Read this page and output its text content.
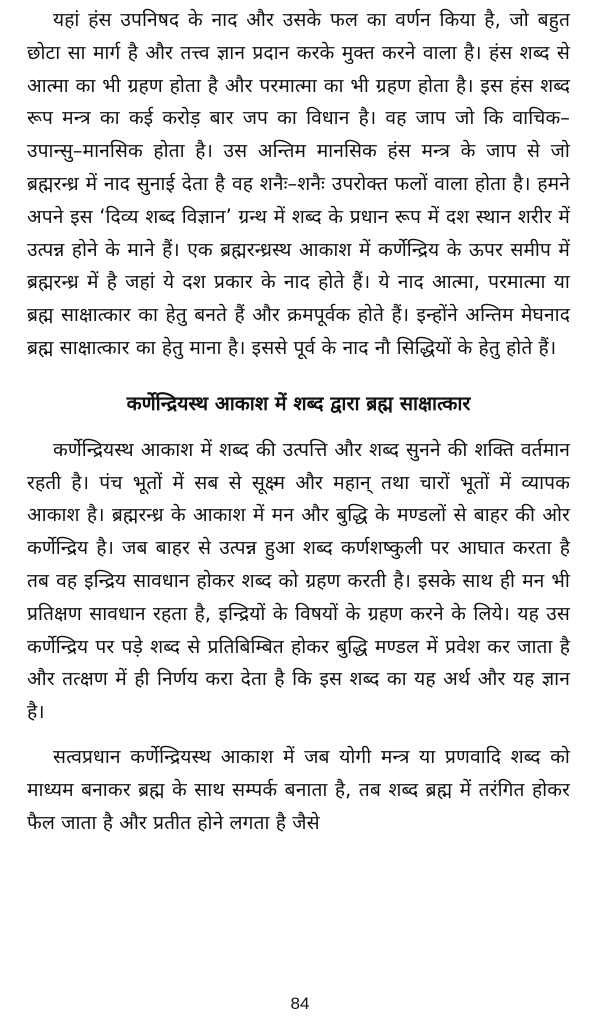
यहां हंस उपनिषद के नाद और उसके फल का वर्णन किया है, जो बहुत छोटा सा मार्ग है और तत्त्व ज्ञान प्रदान करके मुक्त करने वाला है। हंस शब्द से आत्मा का भी ग्रहण होता है और परमात्मा का भी ग्रहण होता है। इस हंस शब्द रूप मन्त्र का कई करोड़ बार जप का विधान है। वह जाप जो कि वाचिक–उपान्सु–मानसिक होता है। उस अन्तिम मानसिक हंस मन्त्र के जाप से जो ब्रह्मरन्ध्र में नाद सुनाई देता है वह शनैः–शनैः उपरोक्त फलों वाला होता है। हमने अपने इस ‘दिव्य शब्द विज्ञान’ ग्रन्थ में शब्द के प्रधान रूप में दश स्थान शरीर में उत्पन्न होने के माने हैं। एक ब्रह्मरन्ध्रस्थ आकाश में कर्णेन्द्रिय के ऊपर समीप में ब्रह्मरन्ध्र में है जहां ये दश प्रकार के नाद होते हैं। ये नाद आत्मा, परमात्मा या ब्रह्म साक्षात्कार का हेतु बनते हैं और क्रमपूर्वक होते हैं। इन्होंने अन्तिम मेघनाद ब्रह्म साक्षात्कार का हेतु माना है। इससे पूर्व के नाद नौ सिद्धियों के हेतु होते हैं।

कर्णेन्द्रियस्थ आकाश में शब्द द्वारा ब्रह्म साक्षात्कार

कर्णेन्द्रियस्थ आकाश में शब्द की उत्पत्ति और शब्द सुनने की शक्ति वर्तमान रहती है। पंच भूतों में सब से सूक्ष्म और महान् तथा चारों भूतों में व्यापक आकाश है। ब्रह्मरन्ध्र के आकाश में मन और बुद्धि के मण्डलों से बाहर की ओर कर्णेन्द्रिय है। जब बाहर से उत्पन्न हुआ शब्द कर्णशष्कुली पर आघात करता है तब वह इन्द्रिय सावधान होकर शब्द को ग्रहण करती है। इसके साथ ही मन भी प्रतिक्षण सावधान रहता है, इन्द्रियों के विषयों के ग्रहण करने के लिये। यह उस कर्णेन्द्रिय पर पड़े शब्द से प्रतिबिम्बित होकर बुद्धि मण्डल में प्रवेश कर जाता है और तत्क्षण में ही निर्णय करा देता है कि इस शब्द का यह अर्थ और यह ज्ञान है।

सत्वप्रधान कर्णेन्द्रियस्थ आकाश में जब योगी मन्त्र या प्रणवादि शब्द को माध्यम बनाकर ब्रह्म के साथ सम्पर्क बनाता है, तब शब्द ब्रह्म में तरंगित होकर फैल जाता है और प्रतीत होने लगता है जैसे

84
